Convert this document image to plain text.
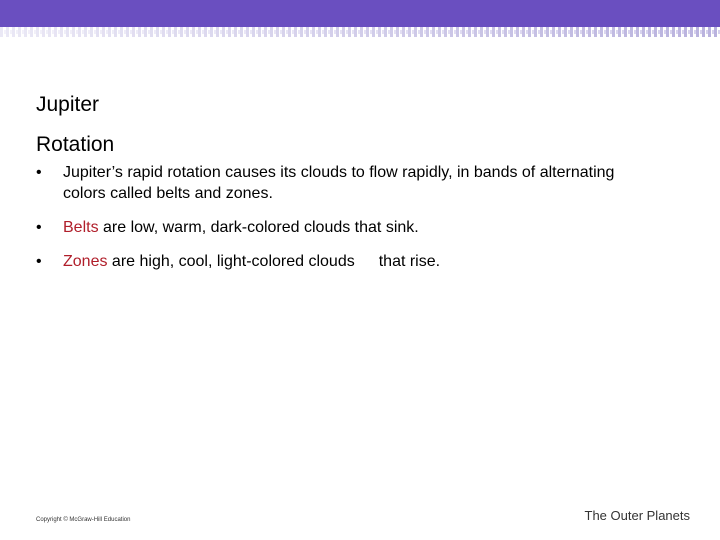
Jupiter
Rotation
• Jupiter’s rapid rotation causes its clouds to flow rapidly, in bands of alternating colors called belts and zones.
• Belts are low, warm, dark-colored clouds that sink.
• Zones are high, cool, light-colored clouds that rise.
Copyright © McGraw-Hill Education	The Outer Planets
